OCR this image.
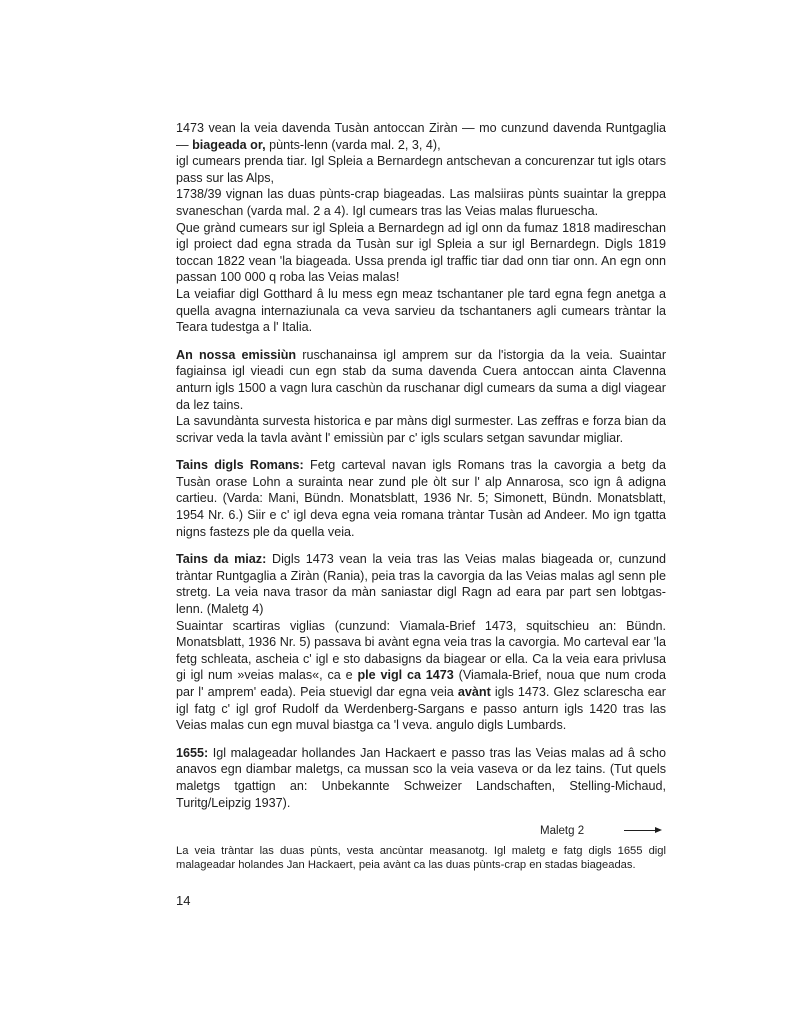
1473 vean la veia davenda Tusàn antoccan Ziràn — mo cunzund davenda Runtgaglia — biageada or, pùnts-lenn (varda mal. 2, 3, 4),

igl cumears prenda tiar. Igl Spleia a Bernardegn antschevan a concurenzar tut igls otars pass sur las Alps,

1738/39 vignan las duas pùnts-crap biageadas. Las malsiiras pùnts suaintar la greppa svaneschan (varda mal. 2 a 4). Igl cumears tras las Veias malas fluruescha.

Que grànd cumears sur igl Spleia a Bernardegn ad igl onn da fumaz 1818 madireschan igl proiect dad egna strada da Tusàn sur igl Spleia a sur igl Bernardegn. Digls 1819 toccan 1822 vean 'la biageada. Ussa prenda igl traffic tiar dad onn tiar onn. An egn onn passan 100 000 q roba las Veias malas!

La veiafiar digl Gotthard â lu mess egn meaz tschantaner ple tard egna fegn anetga a quella avagna internaziunala ca veva sarvieu da tschantaners agli cumears tràntar la Teara tudestga a l' Italia.

An nossa emissiùn ruschanainsa igl amprem sur da l'istorgia da la veia. Suaintar fagiainsa igl vieadi cun egn stab da suma davenda Cuera antoccan ainta Clavenna anturn igls 1500 a vagn lura caschùn da ruschanar digl cumears da suma a digl viagear da lez tains.

La savundànta survesta historica e par màns digl surmester. Las zeffras e forza bian da scrivar veda la tavla avànt l' emissiùn par c' igls sculars setgan savundar migliar.

Tains digls Romans: Fetg carteval navan igls Romans tras la cavorgia a betg da Tusàn orase Lohn a surainta near zund ple òlt sur l' alp Annarosa, sco ign â adigna cartieu. (Varda: Mani, Bündn. Monatsblatt, 1936 Nr. 5; Simonett, Bündn. Monatsblatt, 1954 Nr. 6.) Siir e c' igl deva egna veia romana tràntar Tusàn ad Andeer. Mo ign tgatta nigns fastezs ple da quella veia.

Tains da miaz: Digls 1473 vean la veia tras las Veias malas biageada or, cunzund tràntar Runtgaglia a Ziràn (Rania), peia tras la cavorgia da las Veias malas agl senn ple stretg. La veia nava trasor da màn saniastar digl Ragn ad eara par part sen lobtgas-lenn. (Maletg 4)

Suaintar scartiras viglias (cunzund: Viamala-Brief 1473, squitschieu an: Bündn. Monatsblatt, 1936 Nr. 5) passava bi avànt egna veia tras la cavorgia. Mo carteval ear 'la fetg schleata, ascheia c' igl e sto dabasigns da biagear or ella. Ca la veia eara privlusa gi igl num »veias malas«, ca e ple vigl ca 1473 (Viamala-Brief, noua que num croda par l' amprem' eada). Peia stuevigl dar egna veia avànt igls 1473. Glez sclarescha ear igl fatg c' igl grof Rudolf da Werdenberg-Sargans e passo anturn igls 1420 tras las Veias malas cun egn muval biastga ca 'l veva. angulo digls Lumbards.

1655: Igl malageadar hollandes Jan Hackaert e passo tras las Veias malas ad â scho anavos egn diambar maletgs, ca mussan sco la veia vaseva or da lez tains. (Tut quels maletgs tgattign an: Unbekannte Schweizer Landschaften, Stelling-Michaud, Turitg/Leipzig 1937).

Maletg 2
La veia tràntar las duas pùnts, vesta ancùntar measanotg. Igl maletg e fatg digls 1655 digl malageadar holandes Jan Hackaert, peia avànt ca las duas pùnts-crap en stadas biageadas.
14
